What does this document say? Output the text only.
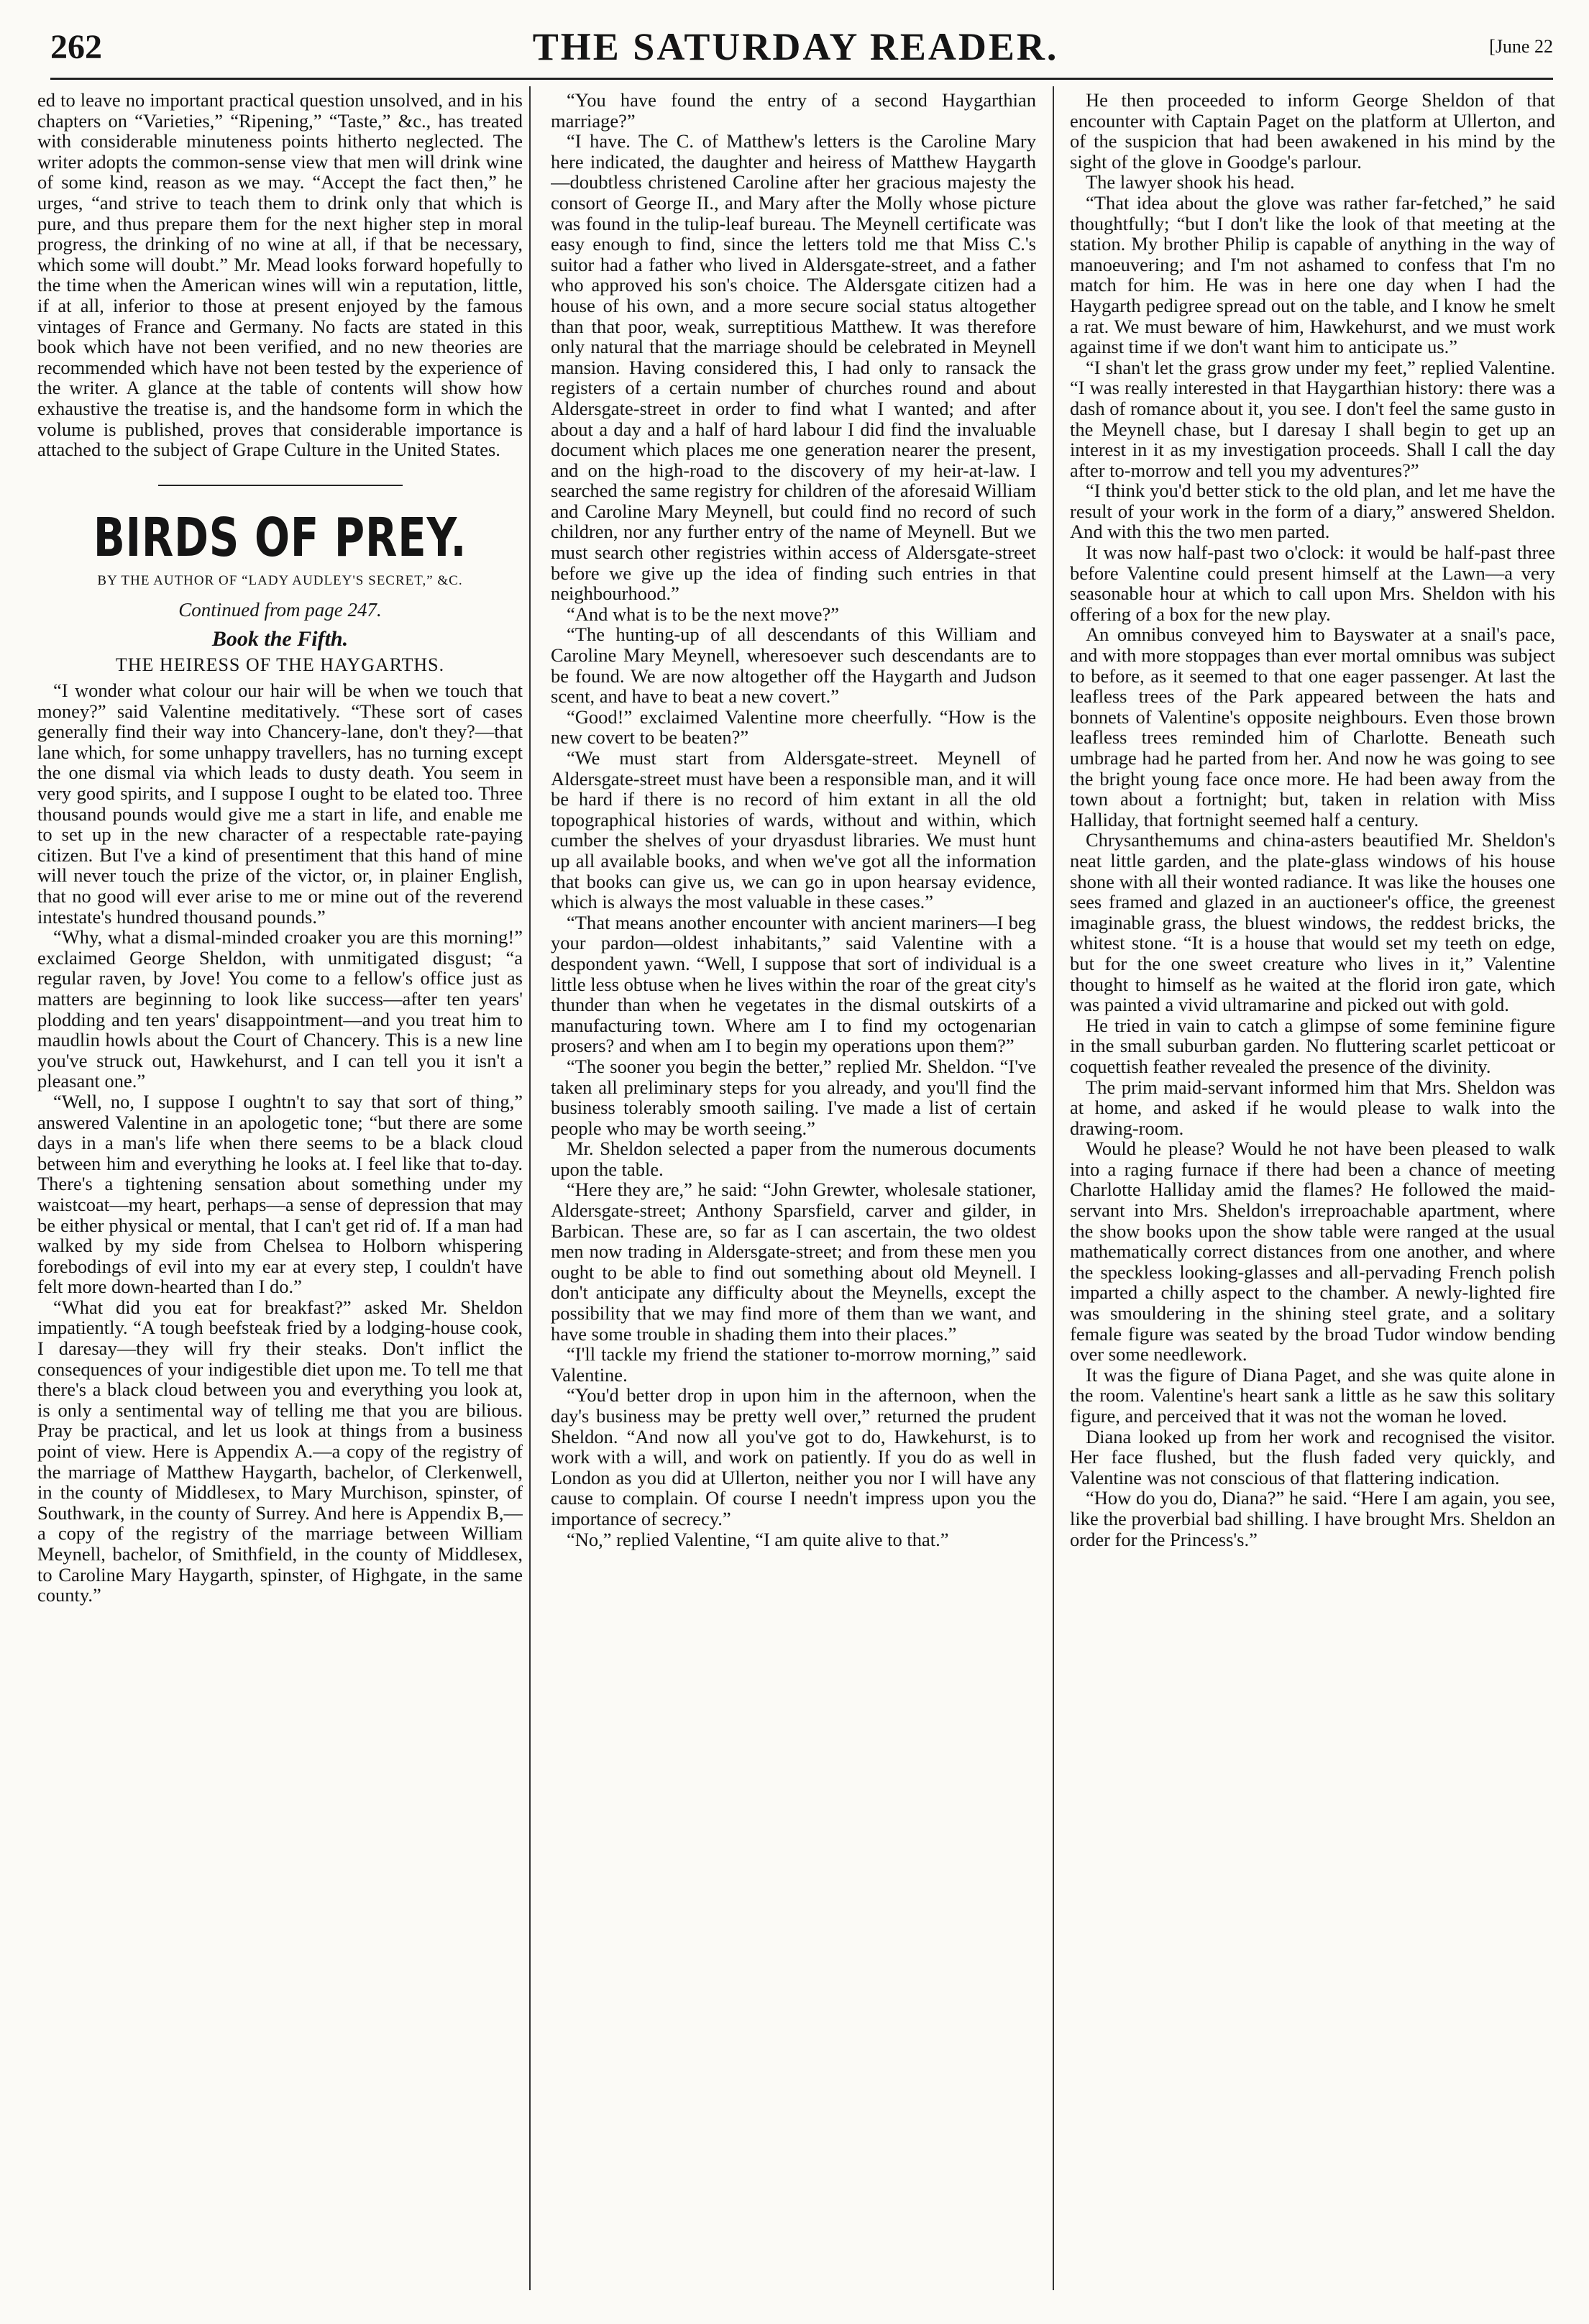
262	THE SATURDAY READER.	[June 22

ed to leave no important practical question unsolved, and in his chapters on “Varieties,” “Ripening,” “Taste,” &c., has treated with considerable minuteness points hitherto neglected. The writer adopts the common-sense view that men will drink wine of some kind, reason as we may. “Accept the fact then,” he urges, “and strive to teach them to drink only that which is pure, and thus prepare them for the next higher step in moral progress, the drinking of no wine at all, if that be necessary, which some will doubt.” Mr. Mead looks forward hopefully to the time when the American wines will win a reputation, little, if at all, inferior to those at present enjoyed by the famous vintages of France and Germany. No facts are stated in this book which have not been verified, and no new theories are recommended which have not been tested by the experience of the writer. A glance at the table of contents will show how exhaustive the treatise is, and the handsome form in which the volume is published, proves that considerable importance is attached to the subject of Grape Culture in the United States.

BIRDS OF PREY.
BY THE AUTHOR OF “LADY AUDLEY'S SECRET,” &C.
Continued from page 247.
Book the Fifth.
THE HEIRESS OF THE HAYGARTHS.

“I wonder what colour our hair will be when we touch that money?” said Valentine meditatively. “These sort of cases generally find their way into Chancery-lane, don't they?—that lane which, for some unhappy travellers, has no turning except the one dismal via which leads to dusty death. You seem in very good spirits, and I suppose I ought to be elated too. Three thousand pounds would give me a start in life, and enable me to set up in the new character of a respectable rate-paying citizen. But I've a kind of presentiment that this hand of mine will never touch the prize of the victor, or, in plainer English, that no good will ever arise to me or mine out of the reverend intestate's hundred thousand pounds.”

“Why, what a dismal-minded croaker you are this morning!” exclaimed George Sheldon, with unmitigated disgust; “a regular raven, by Jove! You come to a fellow's office just as matters are beginning to look like success—after ten years' plodding and ten years' disappointment—and you treat him to maudlin howls about the Court of Chancery. This is a new line you've struck out, Hawkehurst, and I can tell you it isn't a pleasant one.”

“Well, no, I suppose I oughtn't to say that sort of thing,” answered Valentine in an apologetic tone; “but there are some days in a man's life when there seems to be a black cloud between him and everything he looks at. I feel like that to-day. There's a tightening sensation about something under my waistcoat—my heart, perhaps—a sense of depression that may be either physical or mental, that I can't get rid of. If a man had walked by my side from Chelsea to Holborn whispering forebodings of evil into my ear at every step, I couldn't have felt more down-hearted than I do.”

“What did you eat for breakfast?” asked Mr. Sheldon impatiently. “A tough beefsteak fried by a lodging-house cook, I daresay—they will fry their steaks. Don't inflict the consequences of your indigestible diet upon me. To tell me that there's a black cloud between you and everything you look at, is only a sentimental way of telling me that you are bilious. Pray be practical, and let us look at things from a business point of view. Here is Appendix A.—a copy of the registry of the marriage of Matthew Haygarth, bachelor, of Clerkenwell, in the county of Middlesex, to Mary Murchison, spinster, of Southwark, in the county of Surrey. And here is Appendix B,—a copy of the registry of the marriage between William Meynell, bachelor, of Smithfield, in the county of Middlesex, to Caroline Mary Haygarth, spinster, of Highgate, in the same county.”

“You have found the entry of a second Haygarthian marriage?”

“I have. The C. of Matthew's letters is the Caroline Mary here indicated, the daughter and heiress of Matthew Haygarth—doubtless christened Caroline after her gracious majesty the consort of George II., and Mary after the Molly whose picture was found in the tulip-leaf bureau. The Meynell certificate was easy enough to find, since the letters told me that Miss C.'s suitor had a father who lived in Aldersgate-street, and a father who approved his son's choice. The Aldersgate citizen had a house of his own, and a more secure social status altogether than that poor, weak, surreptitious Matthew. It was therefore only natural that the marriage should be celebrated in Meynell mansion. Having considered this, I had only to ransack the registers of a certain number of churches round and about Aldersgate-street in order to find what I wanted; and after about a day and a half of hard labour I did find the invaluable document which places me one generation nearer the present, and on the high-road to the discovery of my heir-at-law. I searched the same registry for children of the aforesaid William and Caroline Mary Meynell, but could find no record of such children, nor any further entry of the name of Meynell. But we must search other registries within access of Aldersgate-street before we give up the idea of finding such entries in that neighbourhood.”

“And what is to be the next move?”

“The hunting-up of all descendants of this William and Caroline Mary Meynell, wheresoever such descendants are to be found. We are now altogether off the Haygarth and Judson scent, and have to beat a new covert.”

“Good!” exclaimed Valentine more cheerfully. “How is the new covert to be beaten?”

“We must start from Aldersgate-street. Meynell of Aldersgate-street must have been a responsible man, and it will be hard if there is no record of him extant in all the old topographical histories of wards, without and within, which cumber the shelves of your dryasdust libraries. We must hunt up all available books, and when we've got all the information that books can give us, we can go in upon hearsay evidence, which is always the most valuable in these cases.”

“That means another encounter with ancient mariners—I beg your pardon—oldest inhabitants,” said Valentine with a despondent yawn. “Well, I suppose that sort of individual is a little less obtuse when he lives within the roar of the great city's thunder than when he vegetates in the dismal outskirts of a manufacturing town. Where am I to find my octogenarian prosers? and when am I to begin my operations upon them?”

“The sooner you begin the better,” replied Mr. Sheldon. “I've taken all preliminary steps for you already, and you'll find the business tolerably smooth sailing. I've made a list of certain people who may be worth seeing.”

Mr. Sheldon selected a paper from the numerous documents upon the table.

“Here they are,” he said: “John Grewter, wholesale stationer, Aldersgate-street; Anthony Sparsfield, carver and gilder, in Barbican. These are, so far as I can ascertain, the two oldest men now trading in Aldersgate-street; and from these men you ought to be able to find out something about old Meynell. I don't anticipate any difficulty about the Meynells, except the possibility that we may find more of them than we want, and have some trouble in shading them into their places.”

“I'll tackle my friend the stationer to-morrow morning,” said Valentine.

“You'd better drop in upon him in the afternoon, when the day's business may be pretty well over,” returned the prudent Sheldon. “And now all you've got to do, Hawkehurst, is to work with a will, and work on patiently. If you do as well in London as you did at Ullerton, neither you nor I will have any cause to complain. Of course I needn't impress upon you the importance of secrecy.”

“No,” replied Valentine, “I am quite alive to that.”

He then proceeded to inform George Sheldon of that encounter with Captain Paget on the platform at Ullerton, and of the suspicion that had been awakened in his mind by the sight of the glove in Goodge's parlour.

The lawyer shook his head.

“That idea about the glove was rather far-fetched,” he said thoughtfully; “but I don't like the look of that meeting at the station. My brother Philip is capable of anything in the way of manoeuvering; and I'm not ashamed to confess that I'm no match for him. He was in here one day when I had the Haygarth pedigree spread out on the table, and I know he smelt a rat. We must beware of him, Hawkehurst, and we must work against time if we don't want him to anticipate us.”

“I shan't let the grass grow under my feet,” replied Valentine. “I was really interested in that Haygarthian history: there was a dash of romance about it, you see. I don't feel the same gusto in the Meynell chase, but I daresay I shall begin to get up an interest in it as my investigation proceeds. Shall I call the day after to-morrow and tell you my adventures?”

“I think you'd better stick to the old plan, and let me have the result of your work in the form of a diary,” answered Sheldon. And with this the two men parted.

It was now half-past two o'clock: it would be half-past three before Valentine could present himself at the Lawn—a very seasonable hour at which to call upon Mrs. Sheldon with his offering of a box for the new play.

An omnibus conveyed him to Bayswater at a snail's pace, and with more stoppages than ever mortal omnibus was subject to before, as it seemed to that one eager passenger. At last the leafless trees of the Park appeared between the hats and bonnets of Valentine's opposite neighbours. Even those brown leafless trees reminded him of Charlotte. Beneath such umbrage had he parted from her. And now he was going to see the bright young face once more. He had been away from the town about a fortnight; but, taken in relation with Miss Halliday, that fortnight seemed half a century.

Chrysanthemums and china-asters beautified Mr. Sheldon's neat little garden, and the plate-glass windows of his house shone with all their wonted radiance. It was like the houses one sees framed and glazed in an auctioneer's office, the greenest imaginable grass, the bluest windows, the reddest bricks, the whitest stone. “It is a house that would set my teeth on edge, but for the one sweet creature who lives in it,” Valentine thought to himself as he waited at the florid iron gate, which was painted a vivid ultramarine and picked out with gold.

He tried in vain to catch a glimpse of some feminine figure in the small suburban garden. No fluttering scarlet petticoat or coquettish feather revealed the presence of the divinity.

The prim maid-servant informed him that Mrs. Sheldon was at home, and asked if he would please to walk into the drawing-room.

Would he please? Would he not have been pleased to walk into a raging furnace if there had been a chance of meeting Charlotte Halliday amid the flames? He followed the maid-servant into Mrs. Sheldon's irreproachable apartment, where the show books upon the show table were ranged at the usual mathematically correct distances from one another, and where the speckless looking-glasses and all-pervading French polish imparted a chilly aspect to the chamber. A newly-lighted fire was smouldering in the shining steel grate, and a solitary female figure was seated by the broad Tudor window bending over some needlework.

It was the figure of Diana Paget, and she was quite alone in the room. Valentine's heart sank a little as he saw this solitary figure, and perceived that it was not the woman he loved.

Diana looked up from her work and recognised the visitor. Her face flushed, but the flush faded very quickly, and Valentine was not conscious of that flattering indication.

“How do you do, Diana?” he said. “Here I am again, you see, like the proverbial bad shilling. I have brought Mrs. Sheldon an order for the Princess's.”
